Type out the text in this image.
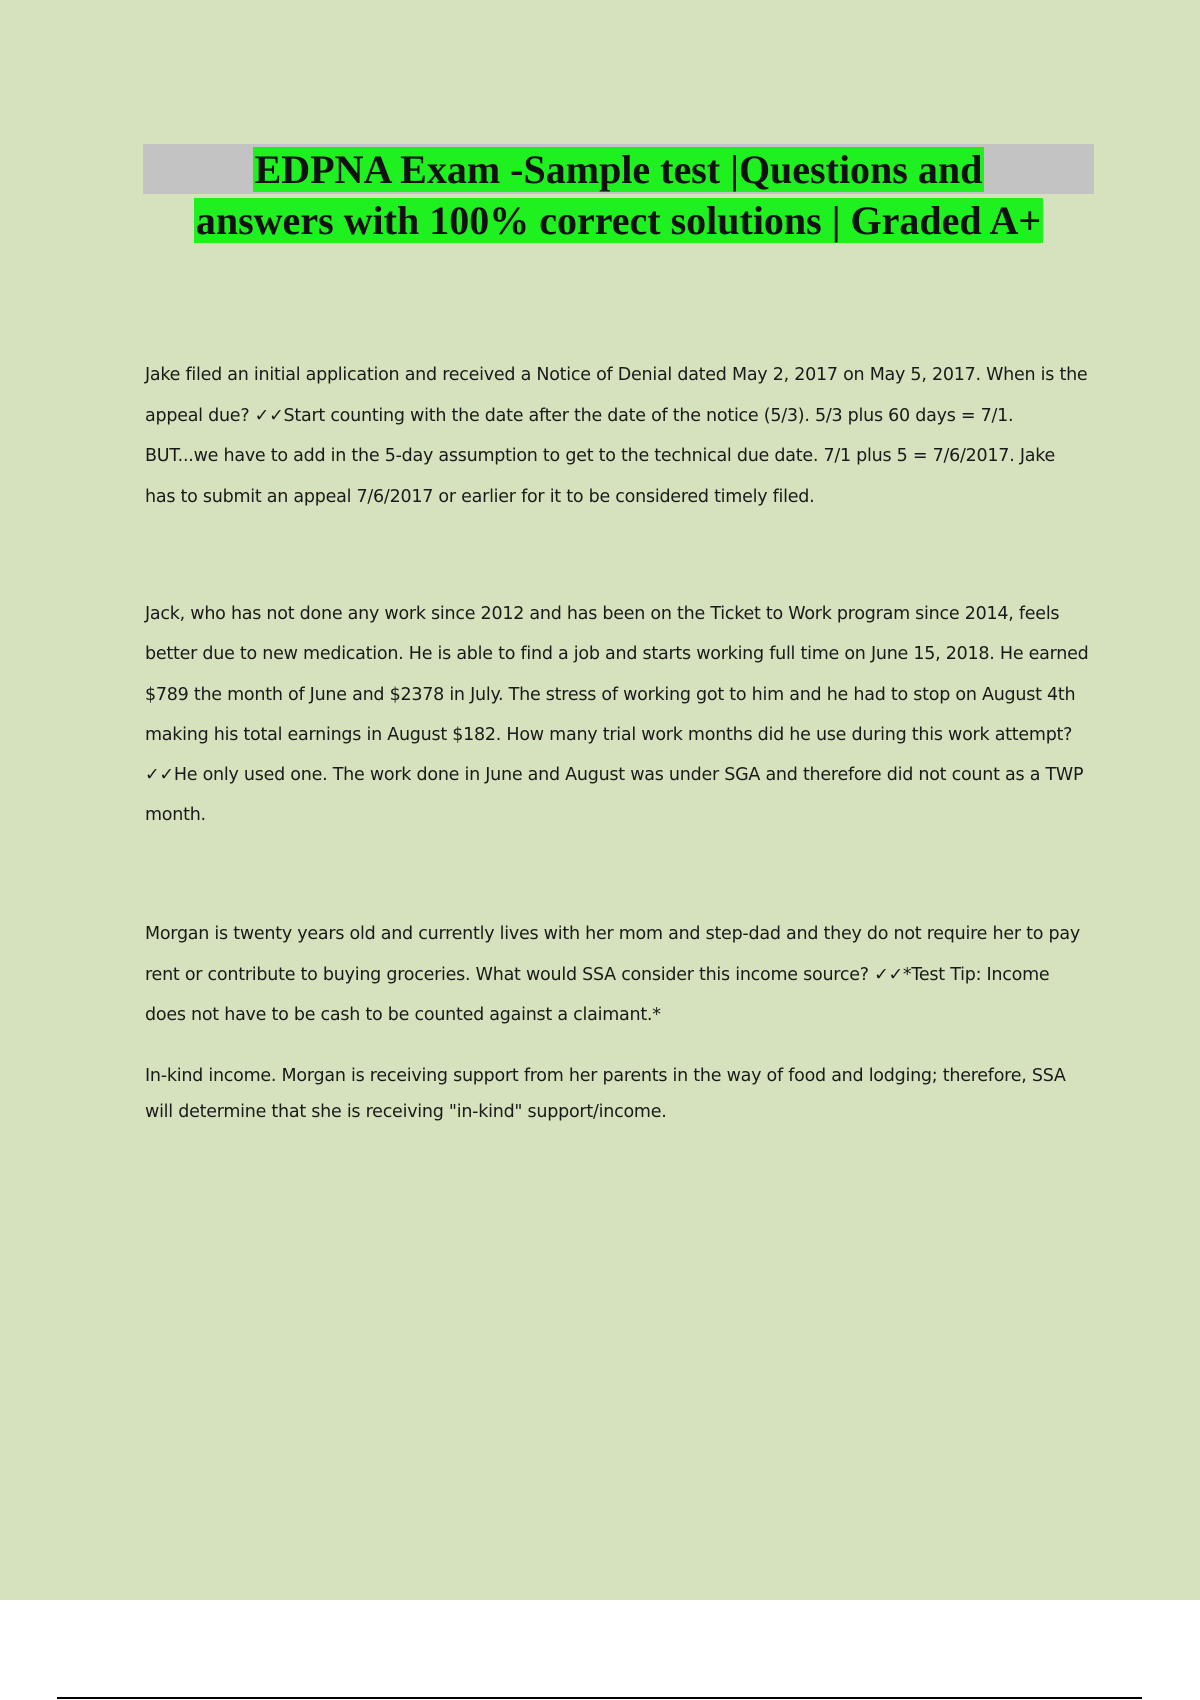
EDPNA Exam -Sample test |Questions and
answers with 100% correct solutions | Graded A+

Jake filed an initial application and received a Notice of Denial dated May 2, 2017 on May 5, 2017. When is the appeal due? ✓✓Start counting with the date after the date of the notice (5/3). 5/3 plus 60 days = 7/1. BUT...we have to add in the 5-day assumption to get to the technical due date. 7/1 plus 5 = 7/6/2017. Jake has to submit an appeal 7/6/2017 or earlier for it to be considered timely filed.

Jack, who has not done any work since 2012 and has been on the Ticket to Work program since 2014, feels better due to new medication. He is able to find a job and starts working full time on June 15, 2018. He earned $789 the month of June and $2378 in July. The stress of working got to him and he had to stop on August 4th making his total earnings in August $182. How many trial work months did he use during this work attempt? ✓✓He only used one. The work done in June and August was under SGA and therefore did not count as a TWP month.

Morgan is twenty years old and currently lives with her mom and step-dad and they do not require her to pay rent or contribute to buying groceries. What would SSA consider this income source? ✓✓*Test Tip: Income does not have to be cash to be counted against a claimant.*

In-kind income. Morgan is receiving support from her parents in the way of food and lodging; therefore, SSA will determine that she is receiving "in-kind" support/income.
